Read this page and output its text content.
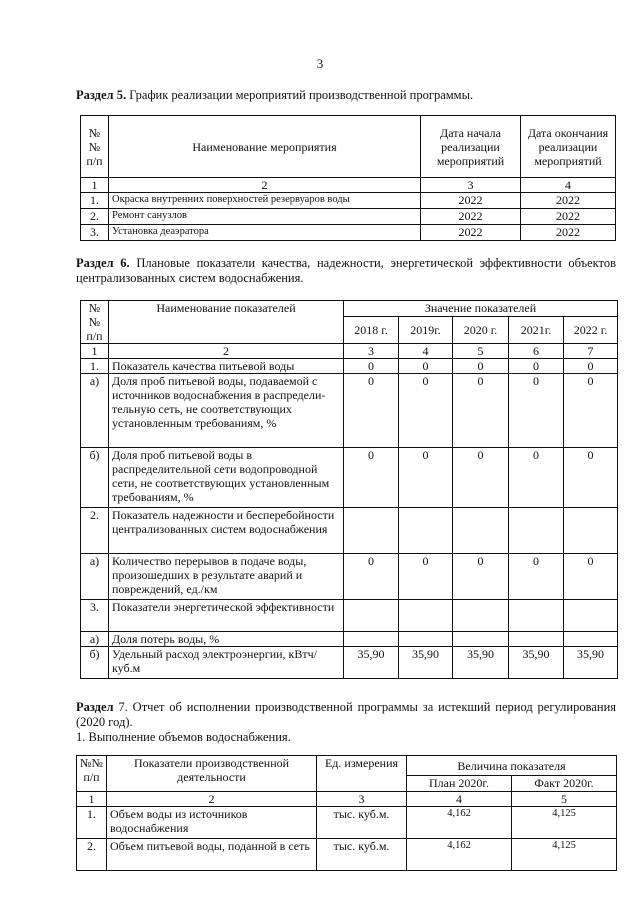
3
Раздел 5. График реализации мероприятий производственной программы.
№№ п/п	Наименование мероприятия	Дата начала реализации мероприятий	Дата окончания реализации мероприятий
1	2	3	4
1.	Окраска внутренних поверхностей резервуаров воды	2022	2022
2.	Ремонт санузлов	2022	2022
3.	Установка деаэратора	2022	2022
Раздел 6. Плановые показатели качества, надежности, энергетической эффективности объектов централизованных систем водоснабжения.
№№ п/п	Наименование показателей	Значение показателей				
		2018 г.	2019г.	2020 г.	2021г.	2022 г.
1	2	3	4	5	6	7
1.	Показатель качества питьевой воды	0	0	0	0	0
а)	Доля проб питьевой воды, подаваемой с источников водоснабжения в распредели-тельную сеть, не соответствующих установленным требованиям, %	0	0	0	0	0
б)	Доля проб питьевой воды в распределительной сети водопроводной сети, не соответствующих установленным требованиям, %	0	0	0	0	0
2.	Показатель надежности и бесперебойности централизованных систем водоснабжения					
а)	Количество перерывов в подаче воды, произошедших в результате аварий и повреждений, ед./км	0	0	0	0	0
3.	Показатели энергетической эффективности					
а)	Доля потерь воды, %					
б)	Удельный расход электроэнергии, кВтч/куб.м	35,90	35,90	35,90	35,90	35,90
Раздел 7. Отчет об исполнении производственной программы за истекший период регулирования (2020 год).
1. Выполнение объемов водоснабжения.
№№ п/п	Показатели производственной деятельности	Ед. измерения	Величина показателя	
			План 2020г.	Факт 2020г.
1	2	3	4	5
1.	Объем воды из источников водоснабжения	тыс. куб.м.	4,162	4,125
2.	Объем питьевой воды, поданной в сеть	тыс. куб.м.	4,162	4,125
